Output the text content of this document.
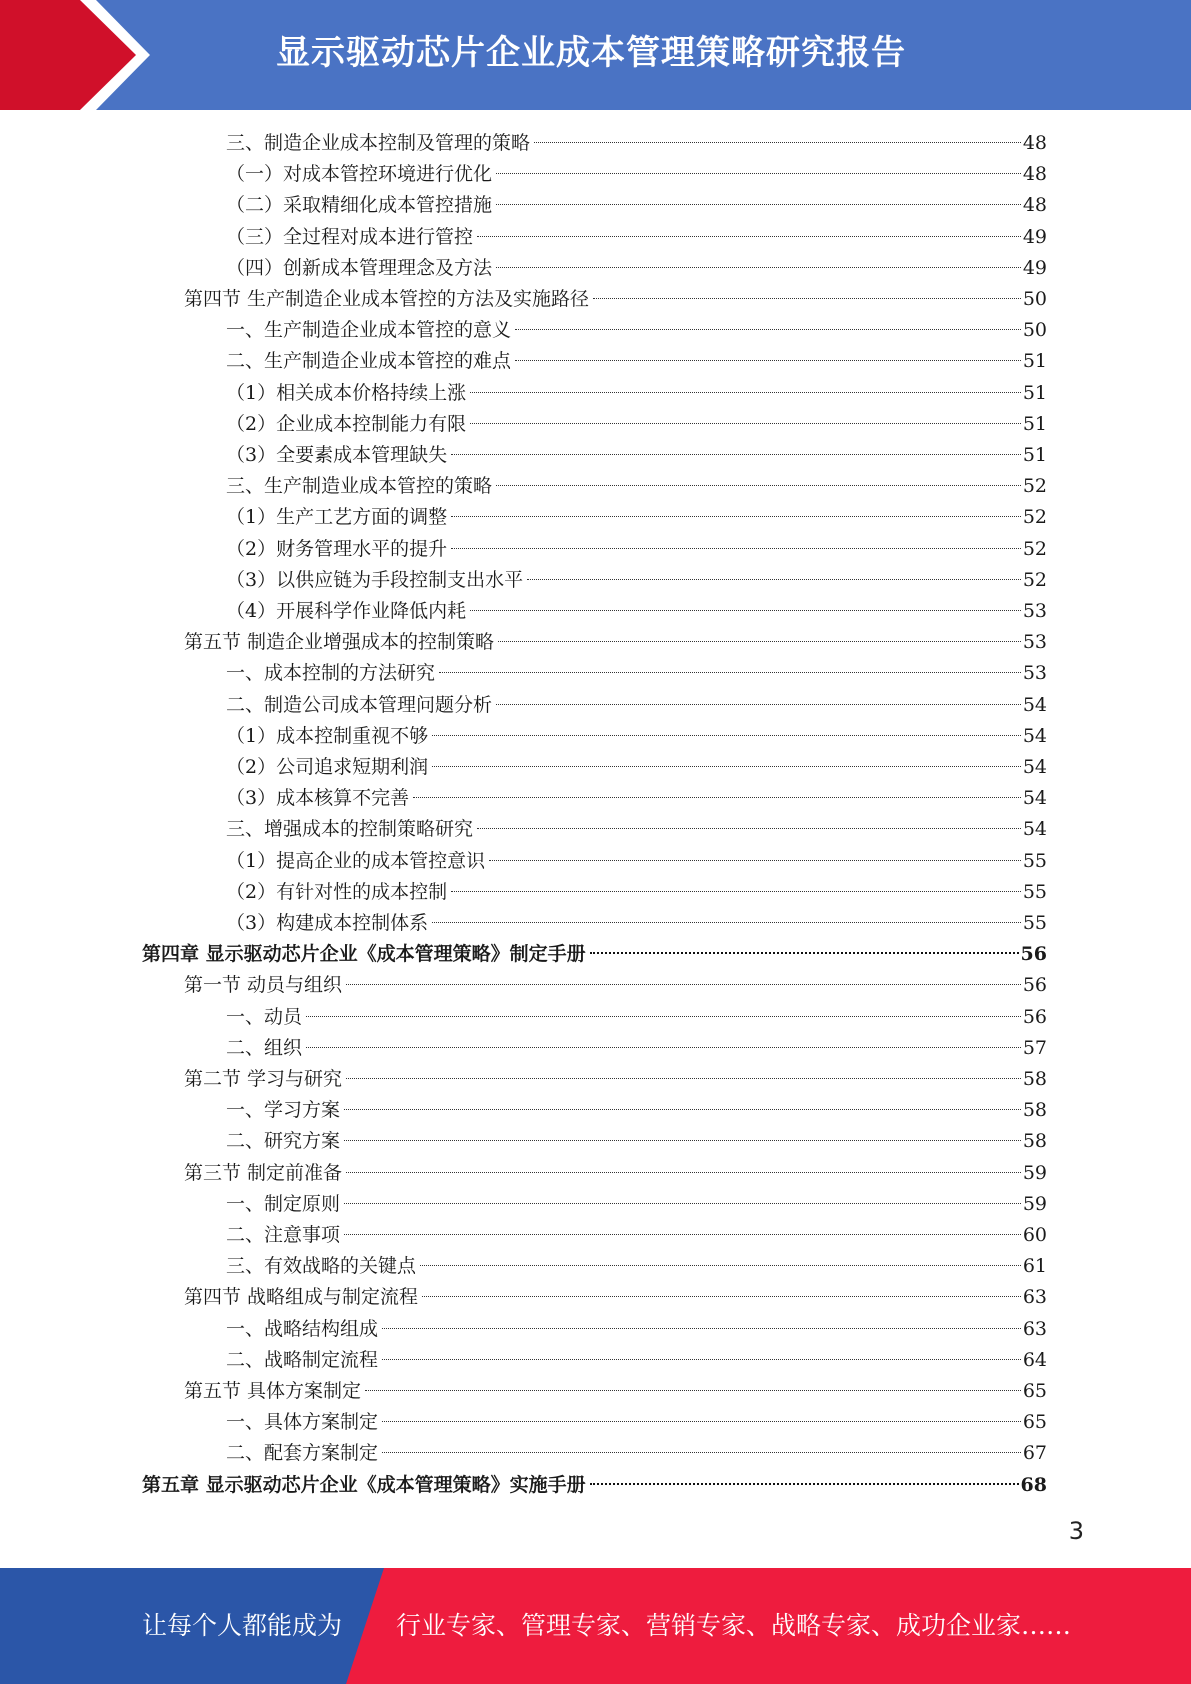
显示驱动芯片企业成本管理策略研究报告
三、制造企业成本控制及管理的策略	48
（一）对成本管控环境进行优化	48
（二）采取精细化成本管控措施	48
（三）全过程对成本进行管控	49
（四）创新成本管理理念及方法	49
第四节 生产制造企业成本管控的方法及实施路径	50
一、生产制造企业成本管控的意义	50
二、生产制造企业成本管控的难点	51
（1）相关成本价格持续上涨	51
（2）企业成本控制能力有限	51
（3）全要素成本管理缺失	51
三、生产制造业成本管控的策略	52
（1）生产工艺方面的调整	52
（2）财务管理水平的提升	52
（3）以供应链为手段控制支出水平	52
（4）开展科学作业降低内耗	53
第五节 制造企业增强成本的控制策略	53
一、成本控制的方法研究	53
二、制造公司成本管理问题分析	54
（1）成本控制重视不够	54
（2）公司追求短期利润	54
（3）成本核算不完善	54
三、增强成本的控制策略研究	54
（1）提高企业的成本管控意识	55
（2）有针对性的成本控制	55
（3）构建成本控制体系	55
第四章 显示驱动芯片企业《成本管理策略》制定手册	56
第一节 动员与组织	56
一、动员	56
二、组织	57
第二节 学习与研究	58
一、学习方案	58
二、研究方案	58
第三节 制定前准备	59
一、制定原则	59
二、注意事项	60
三、有效战略的关键点	61
第四节 战略组成与制定流程	63
一、战略结构组成	63
二、战略制定流程	64
第五节 具体方案制定	65
一、具体方案制定	65
二、配套方案制定	67
第五章 显示驱动芯片企业《成本管理策略》实施手册	68
3
让每个人都能成为 行业专家、管理专家、营销专家、战略专家、成功企业家……
